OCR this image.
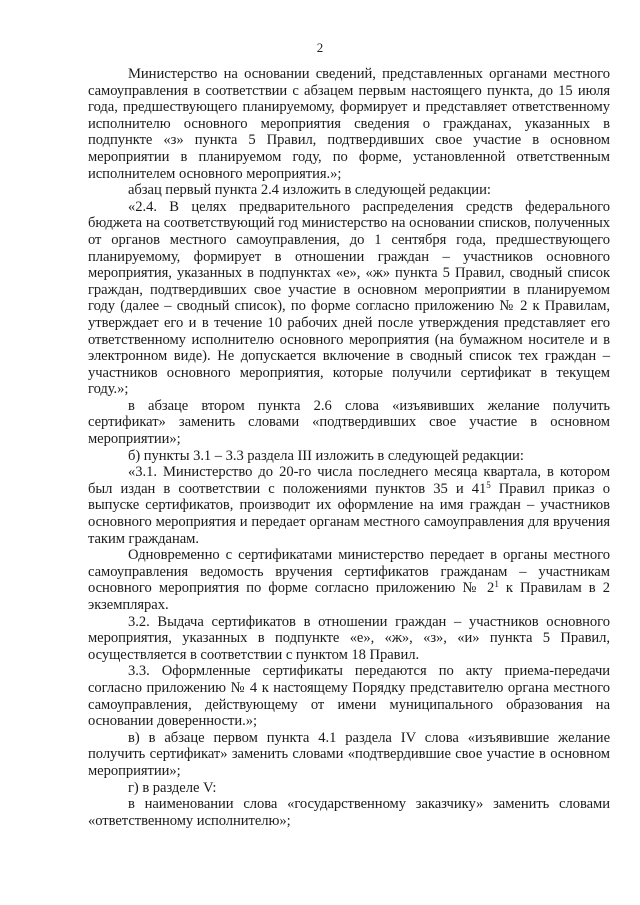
2

Министерство на основании сведений, представленных органами местного самоуправления в соответствии с абзацем первым настоящего пункта, до 15 июля года, предшествующего планируемому, формирует и представляет ответственному исполнителю основного мероприятия сведения о гражданах, указанных в подпункте «з» пункта 5 Правил, подтвердивших свое участие в основном мероприятии в планируемом году, по форме, установленной ответственным исполнителем основного мероприятия.»;

абзац первый пункта 2.4 изложить в следующей редакции:

«2.4. В целях предварительного распределения средств федерального бюджета на соответствующий год министерство на основании списков, полученных от органов местного самоуправления, до 1 сентября года, предшествующего планируемому, формирует в отношении граждан – участников основного мероприятия, указанных в подпунктах «е», «ж» пункта 5 Правил, сводный список граждан, подтвердивших свое участие в основном мероприятии в планируемом году (далее – сводный список), по форме согласно приложению № 2 к Правилам, утверждает его и в течение 10 рабочих дней после утверждения представляет его ответственному исполнителю основного мероприятия (на бумажном носителе и в электронном виде). Не допускается включение в сводный список тех граждан – участников основного мероприятия, которые получили сертификат в текущем году.»;

в абзаце втором пункта 2.6 слова «изъявивших желание получить сертификат» заменить словами «подтвердивших свое участие в основном мероприятии»;

б) пункты 3.1 – 3.3 раздела III изложить в следующей редакции:

«3.1. Министерство до 20-го числа последнего месяца квартала, в котором был издан в соответствии с положениями пунктов 35 и $41^5$ Правил приказ о выпуске сертификатов, производит их оформление на имя граждан – участников основного мероприятия и передает органам местного самоуправления для вручения таким гражданам.

Одновременно с сертификатами министерство передает в органы местного самоуправления ведомость вручения сертификатов гражданам – участникам основного мероприятия по форме согласно приложению № $2^1$ к Правилам в 2 экземплярах.

3.2. Выдача сертификатов в отношении граждан – участников основного мероприятия, указанных в подпункте «е», «ж», «з», «и» пункта 5 Правил, осуществляется в соответствии с пунктом 18 Правил.

3.3. Оформленные сертификаты передаются по акту приема-передачи согласно приложению № 4 к настоящему Порядку представителю органа местного самоуправления, действующему от имени муниципального образования на основании доверенности.»;

в) в абзаце первом пункта 4.1 раздела IV слова «изъявившие желание получить сертификат» заменить словами «подтвердившие свое участие в основном мероприятии»;

г) в разделе V:

в наименовании слова «государственному заказчику» заменить словами «ответственному исполнителю»;
